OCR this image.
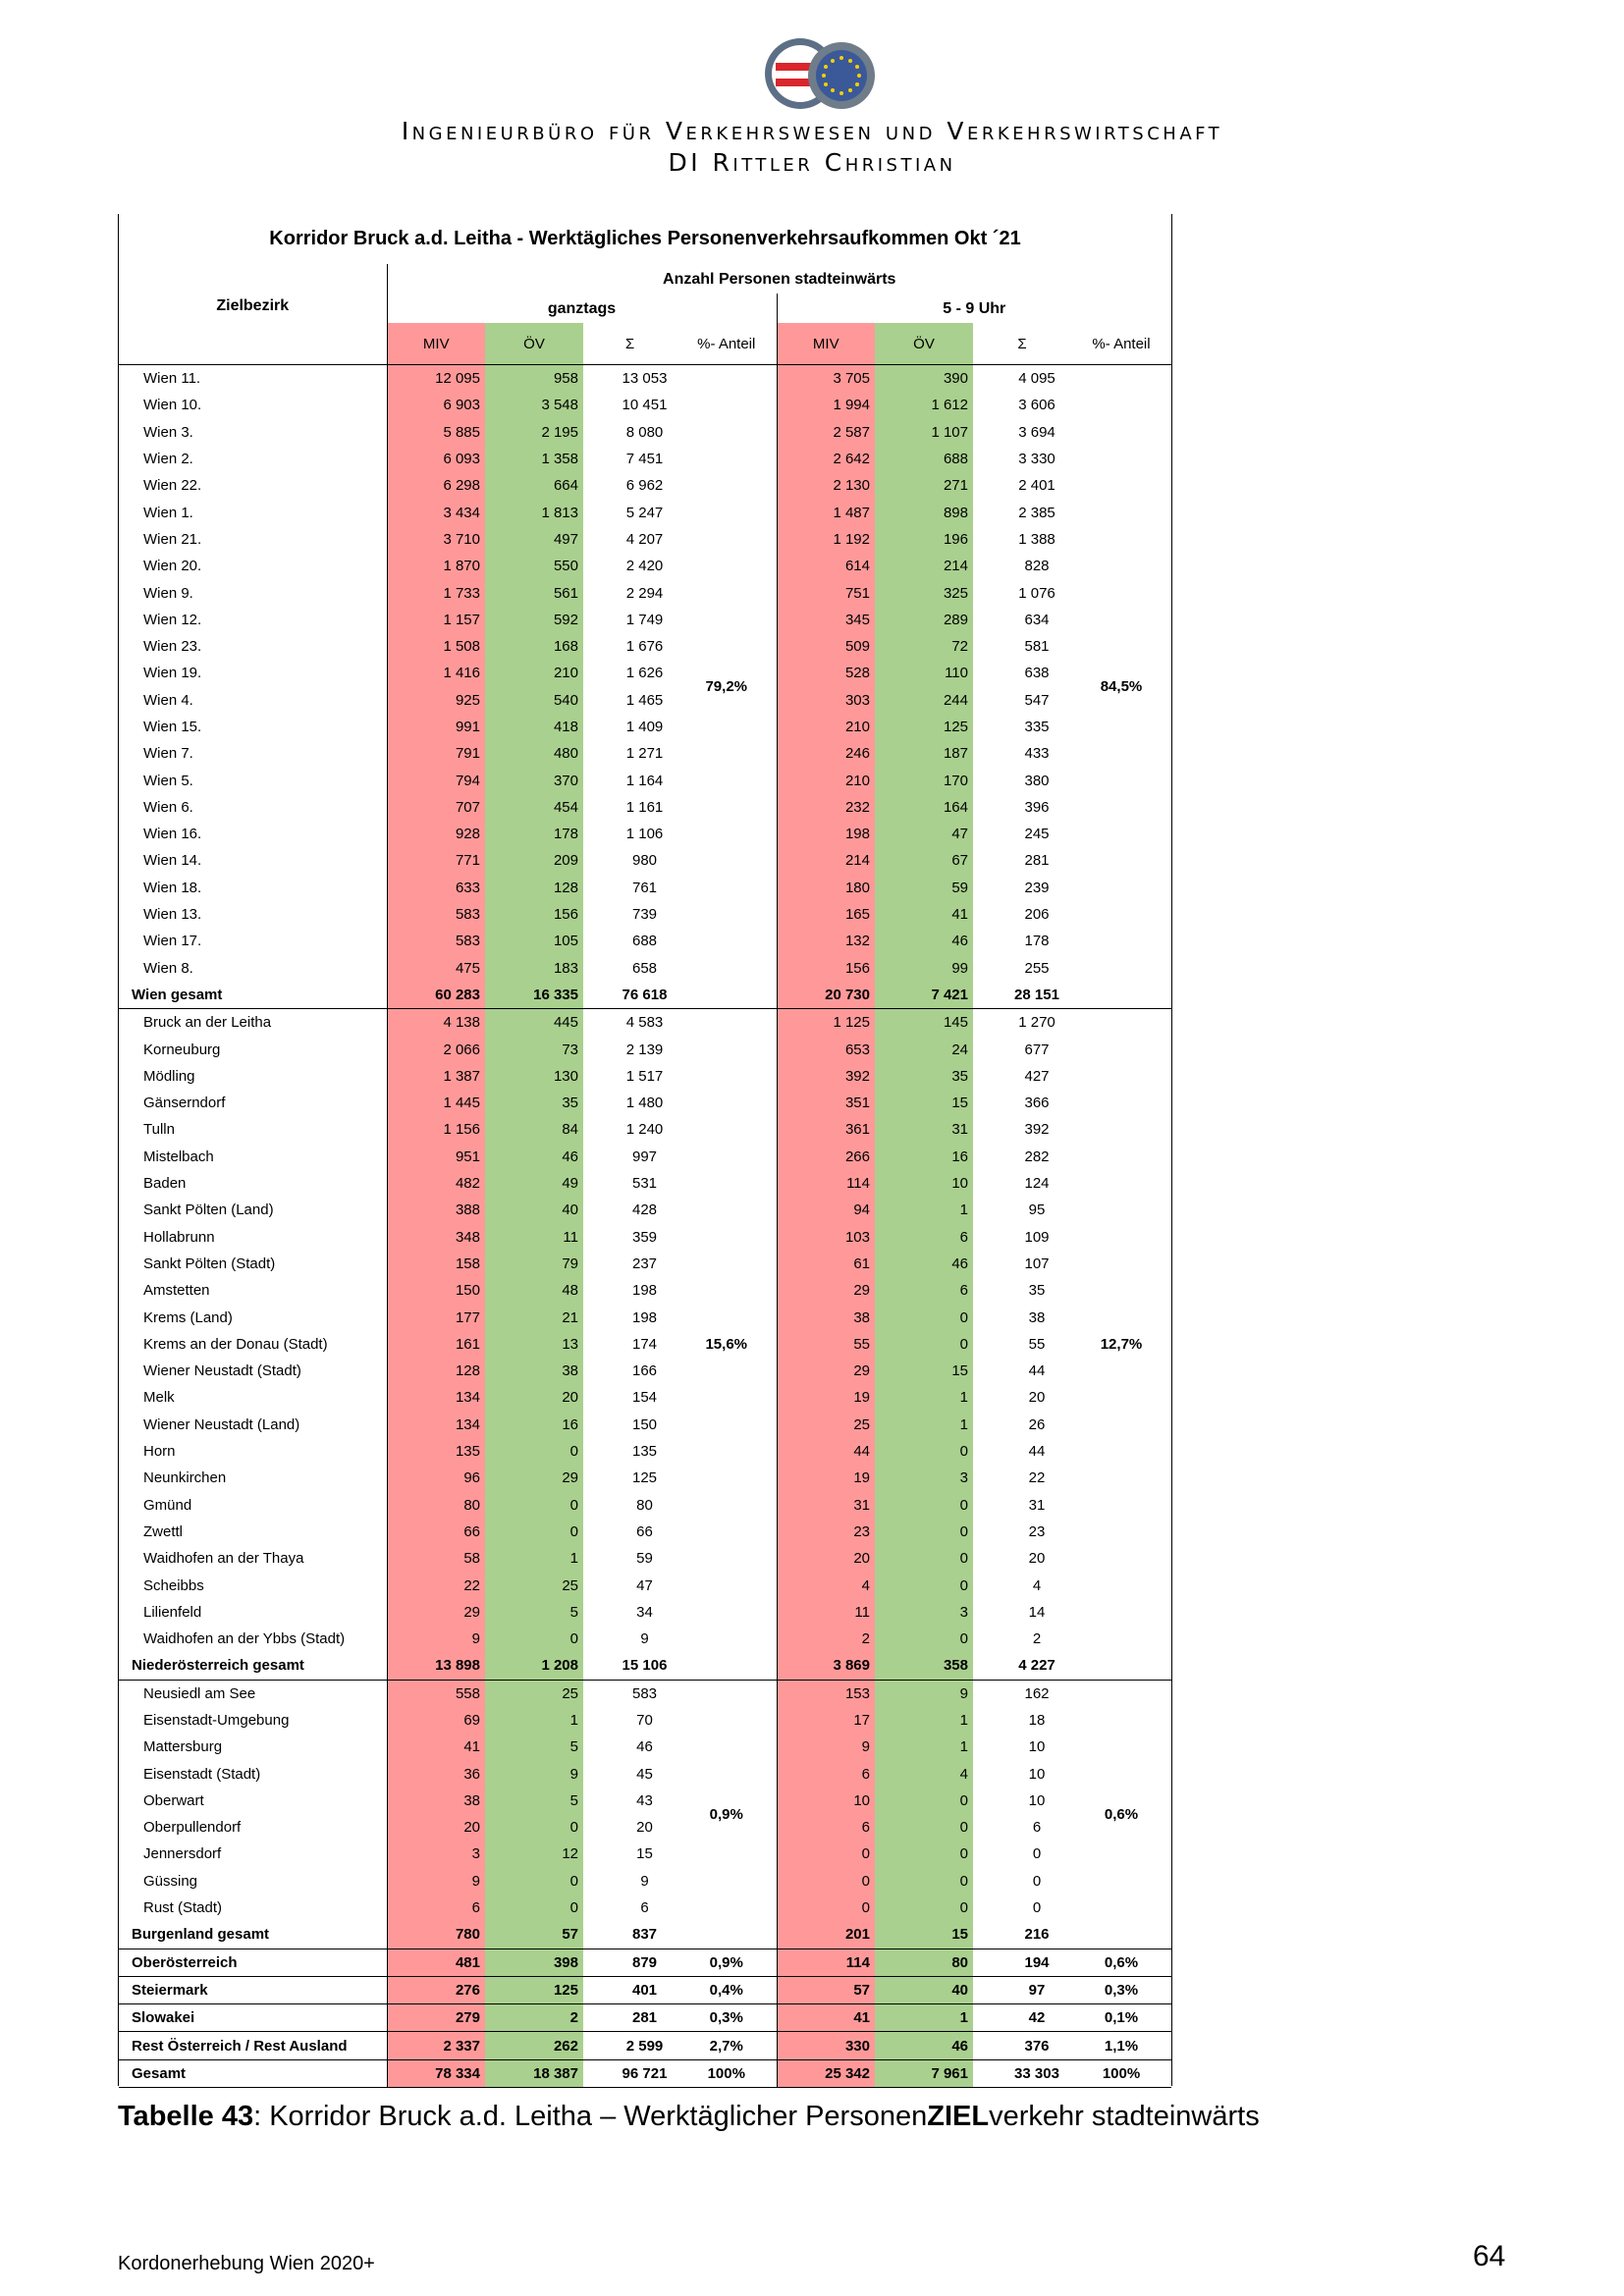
Ingenieurbüro für Verkehrswesen und Verkehrswirtschaft
DI Rittler Christian
Korridor Bruck a.d. Leitha - Werktägliches Personenverkehrsaufkommen Okt ´21
Zielbezirk	Anzahl Personen stadteinwärts							
	ganztags				5 - 9 Uhr			
	MIV	ÖV	Σ	%- Anteil	MIV	ÖV	Σ	%- Anteil
Wien 11.	12 095	958	13 053	79,2%	3 705	390	4 095	84,5%
Wien 10.	6 903	3 548	10 451		1 994	1 612	3 606	
Wien 3.	5 885	2 195	8 080		2 587	1 107	3 694	
Wien 2.	6 093	1 358	7 451		2 642	688	3 330	
Wien 22.	6 298	664	6 962		2 130	271	2 401	
Wien 1.	3 434	1 813	5 247		1 487	898	2 385	
Wien 21.	3 710	497	4 207		1 192	196	1 388	
Wien 20.	1 870	550	2 420		614	214	828	
Wien 9.	1 733	561	2 294		751	325	1 076	
Wien 12.	1 157	592	1 749		345	289	634	
Wien 23.	1 508	168	1 676		509	72	581	
Wien 19.	1 416	210	1 626		528	110	638	
Wien 4.	925	540	1 465		303	244	547	
Wien 15.	991	418	1 409		210	125	335	
Wien 7.	791	480	1 271		246	187	433	
Wien 5.	794	370	1 164		210	170	380	
Wien 6.	707	454	1 161		232	164	396	
Wien 16.	928	178	1 106		198	47	245	
Wien 14.	771	209	980		214	67	281	
Wien 18.	633	128	761		180	59	239	
Wien 13.	583	156	739		165	41	206	
Wien 17.	583	105	688		132	46	178	
Wien 8.	475	183	658		156	99	255	
Wien gesamt	60 283	16 335	76 618		20 730	7 421	28 151	
Bruck an der Leitha	4 138	445	4 583	15,6%	1 125	145	1 270	12,7%
Korneuburg	2 066	73	2 139		653	24	677	
Mödling	1 387	130	1 517		392	35	427	
Gänserndorf	1 445	35	1 480		351	15	366	
Tulln	1 156	84	1 240		361	31	392	
Mistelbach	951	46	997		266	16	282	
Baden	482	49	531		114	10	124	
Sankt Pölten (Land)	388	40	428		94	1	95	
Hollabrunn	348	11	359		103	6	109	
Sankt Pölten (Stadt)	158	79	237		61	46	107	
Amstetten	150	48	198		29	6	35	
Krems (Land)	177	21	198		38	0	38	
Krems an der Donau (Stadt)	161	13	174		55	0	55	
Wiener Neustadt (Stadt)	128	38	166		29	15	44	
Melk	134	20	154		19	1	20	
Wiener Neustadt (Land)	134	16	150		25	1	26	
Horn	135	0	135		44	0	44	
Neunkirchen	96	29	125		19	3	22	
Gmünd	80	0	80		31	0	31	
Zwettl	66	0	66		23	0	23	
Waidhofen an der Thaya	58	1	59		20	0	20	
Scheibbs	22	25	47		4	0	4	
Lilienfeld	29	5	34		11	3	14	
Waidhofen an der Ybbs (Stadt)	9	0	9		2	0	2	
Niederösterreich gesamt	13 898	1 208	15 106		3 869	358	4 227	
Neusiedl am See	558	25	583	0,9%	153	9	162	0,6%
Eisenstadt-Umgebung	69	1	70		17	1	18	
Mattersburg	41	5	46		9	1	10	
Eisenstadt (Stadt)	36	9	45		6	4	10	
Oberwart	38	5	43		10	0	10	
Oberpullendorf	20	0	20		6	0	6	
Jennersdorf	3	12	15		0	0	0	
Güssing	9	0	9		0	0	0	
Rust (Stadt)	6	0	6		0	0	0	
Burgenland gesamt	780	57	837		201	15	216	
Oberösterreich	481	398	879	0,9%	114	80	194	0,6%
Steiermark	276	125	401	0,4%	57	40	97	0,3%
Slowakei	279	2	281	0,3%	41	1	42	0,1%
Rest Österreich / Rest Ausland	2 337	262	2 599	2,7%	330	46	376	1,1%
Gesamt	78 334	18 387	96 721	100%	25 342	7 961	33 303	100%
Tabelle 43: Korridor Bruck a.d. Leitha – Werktäglicher PersonenZIELverkehr stadteinwärts
Kordonerhebung Wien 2020+	64
